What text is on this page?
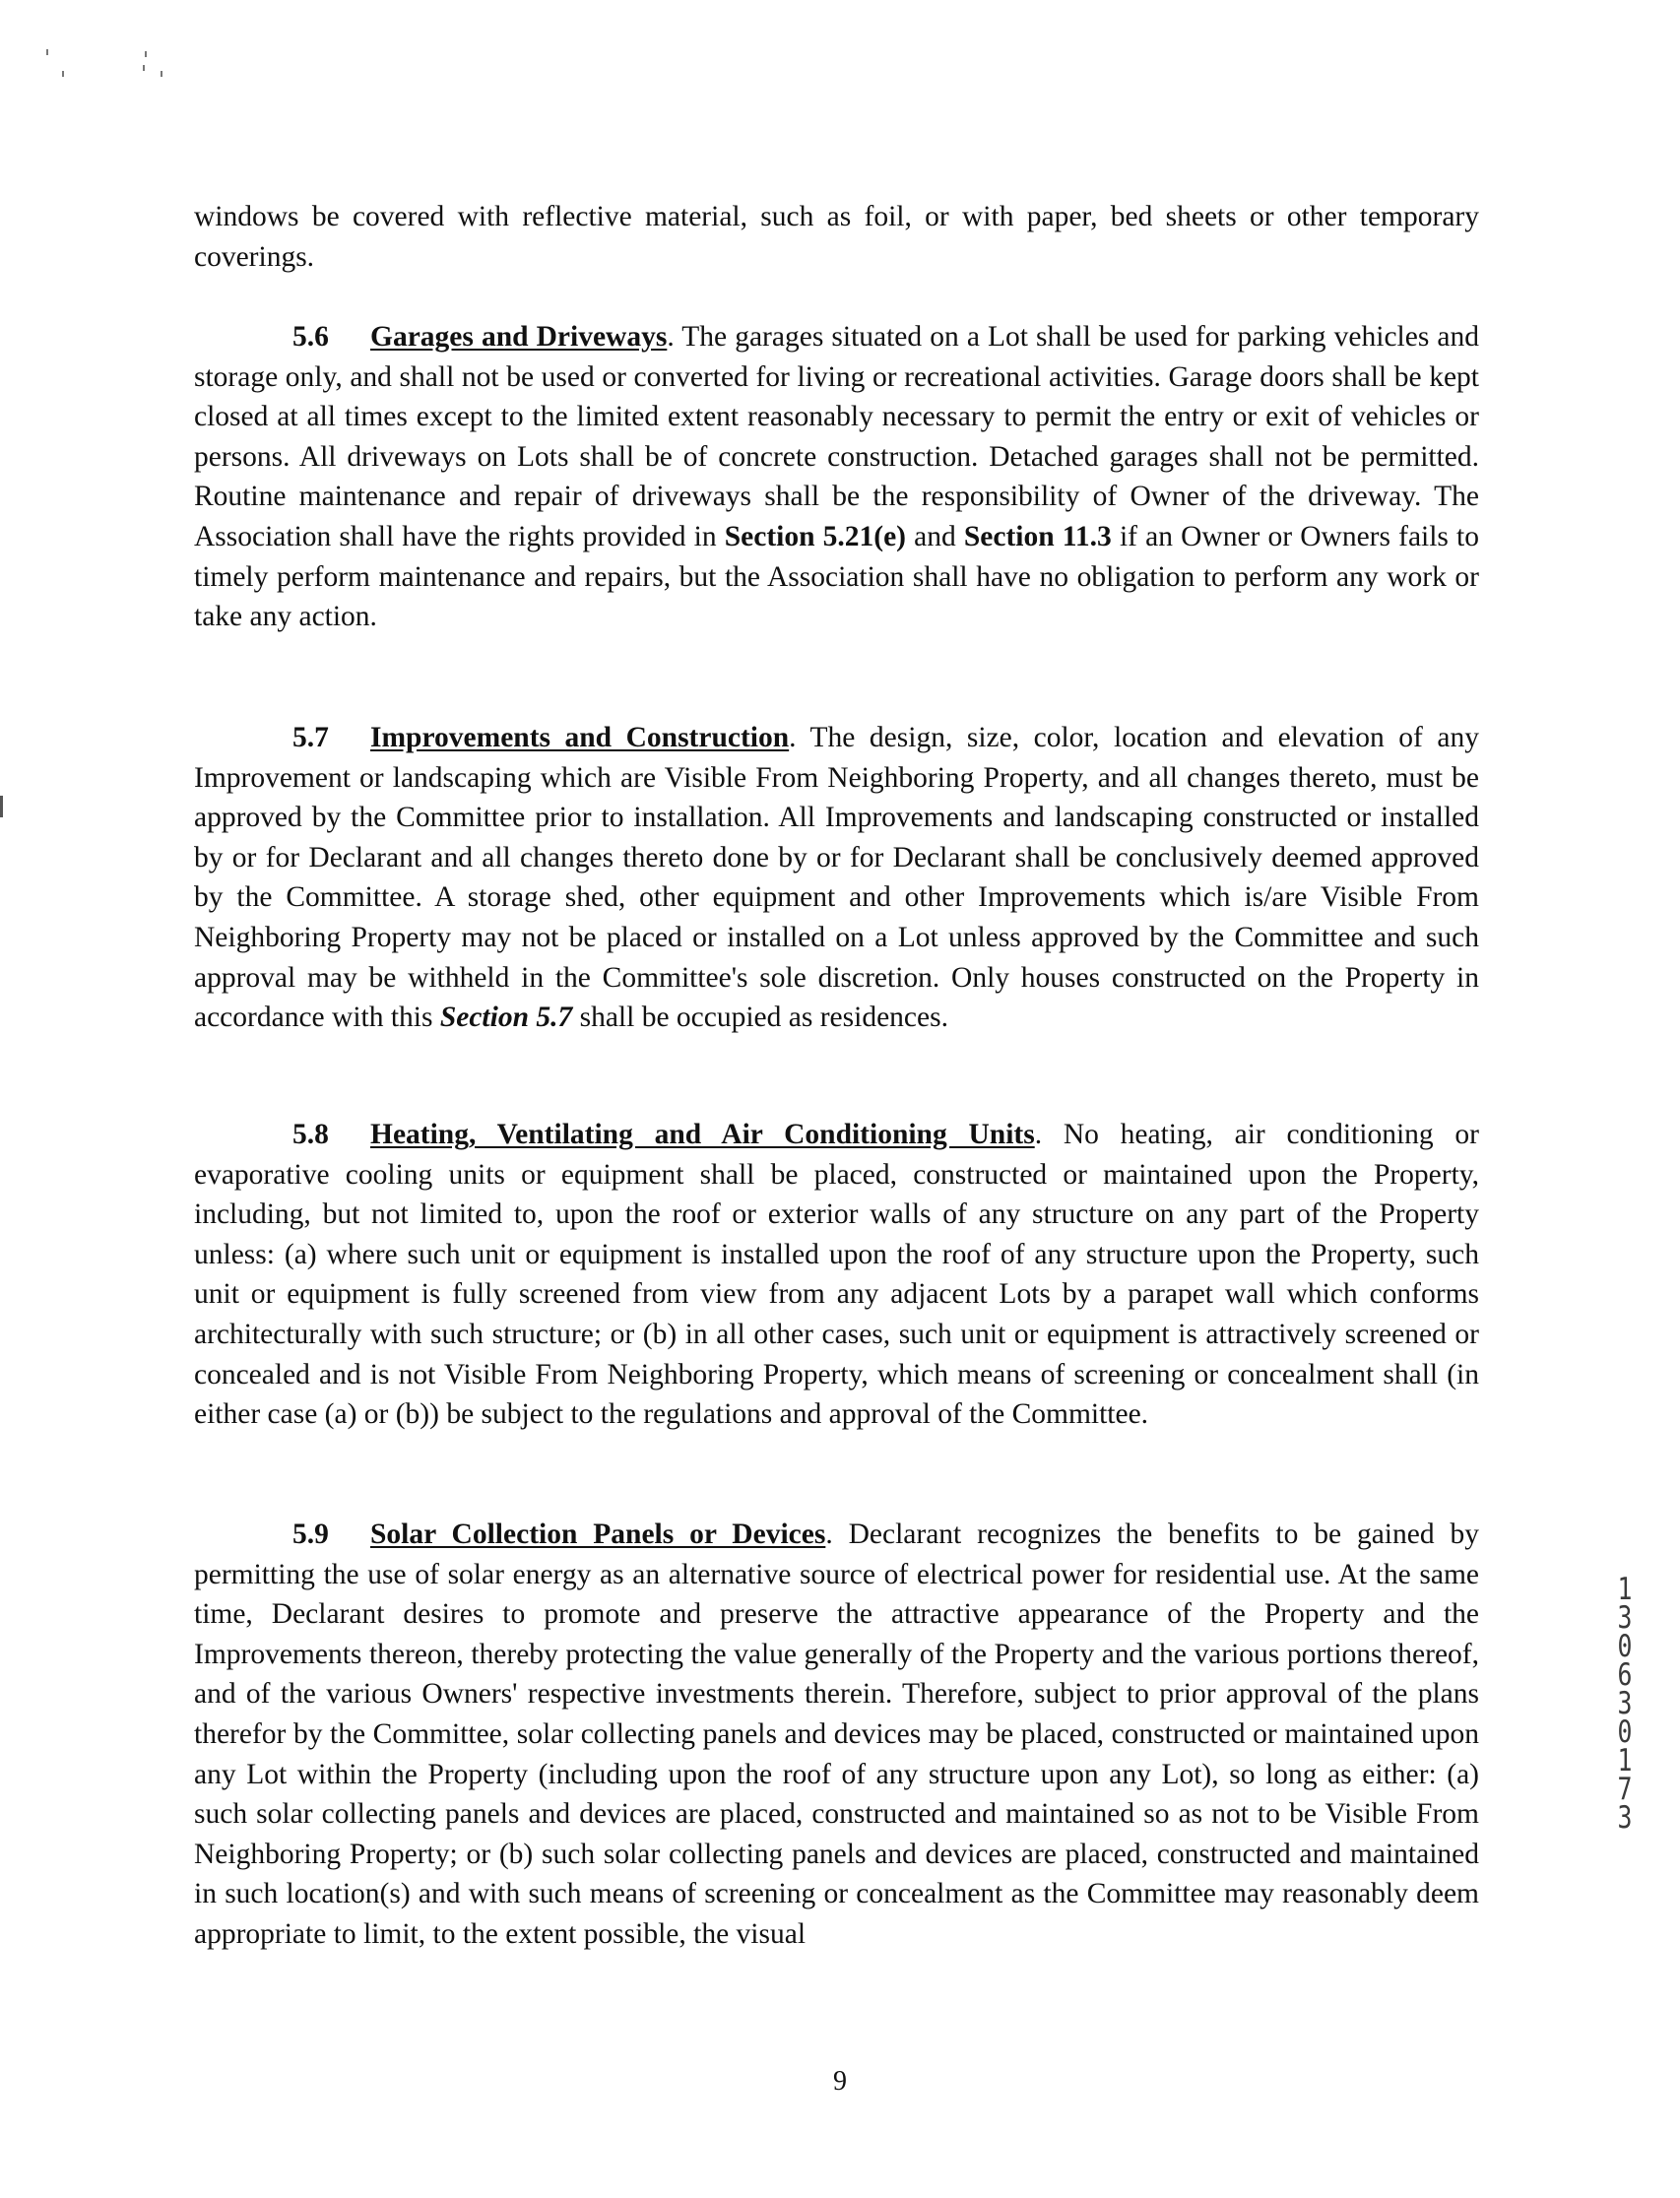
windows be covered with reflective material, such as foil, or with paper, bed sheets or other temporary coverings.

5.6 Garages and Driveways. The garages situated on a Lot shall be used for parking vehicles and storage only, and shall not be used or converted for living or recreational activities. Garage doors shall be kept closed at all times except to the limited extent reasonably necessary to permit the entry or exit of vehicles or persons. All driveways on Lots shall be of concrete construction. Detached garages shall not be permitted. Routine maintenance and repair of driveways shall be the responsibility of Owner of the driveway. The Association shall have the rights provided in Section 5.21(e) and Section 11.3 if an Owner or Owners fails to timely perform maintenance and repairs, but the Association shall have no obligation to perform any work or take any action.

5.7 Improvements and Construction. The design, size, color, location and elevation of any Improvement or landscaping which are Visible From Neighboring Property, and all changes thereto, must be approved by the Committee prior to installation. All Improvements and landscaping constructed or installed by or for Declarant and all changes thereto done by or for Declarant shall be conclusively deemed approved by the Committee. A storage shed, other equipment and other Improvements which is/are Visible From Neighboring Property may not be placed or installed on a Lot unless approved by the Committee and such approval may be withheld in the Committee's sole discretion. Only houses constructed on the Property in accordance with this Section 5.7 shall be occupied as residences.

5.8 Heating, Ventilating and Air Conditioning Units. No heating, air conditioning or evaporative cooling units or equipment shall be placed, constructed or maintained upon the Property, including, but not limited to, upon the roof or exterior walls of any structure on any part of the Property unless: (a) where such unit or equipment is installed upon the roof of any structure upon the Property, such unit or equipment is fully screened from view from any adjacent Lots by a parapet wall which conforms architecturally with such structure; or (b) in all other cases, such unit or equipment is attractively screened or concealed and is not Visible From Neighboring Property, which means of screening or concealment shall (in either case (a) or (b)) be subject to the regulations and approval of the Committee.

5.9 Solar Collection Panels or Devices. Declarant recognizes the benefits to be gained by permitting the use of solar energy as an alternative source of electrical power for residential use. At the same time, Declarant desires to promote and preserve the attractive appearance of the Property and the Improvements thereon, thereby protecting the value generally of the Property and the various portions thereof, and of the various Owners' respective investments therein. Therefore, subject to prior approval of the plans therefor by the Committee, solar collecting panels and devices may be placed, constructed or maintained upon any Lot within the Property (including upon the roof of any structure upon any Lot), so long as either: (a) such solar collecting panels and devices are placed, constructed and maintained so as not to be Visible From Neighboring Property; or (b) such solar collecting panels and devices are placed, constructed and maintained in such location(s) and with such means of screening or concealment as the Committee may reasonably deem appropriate to limit, to the extent possible, the visual

13063 0173
9
